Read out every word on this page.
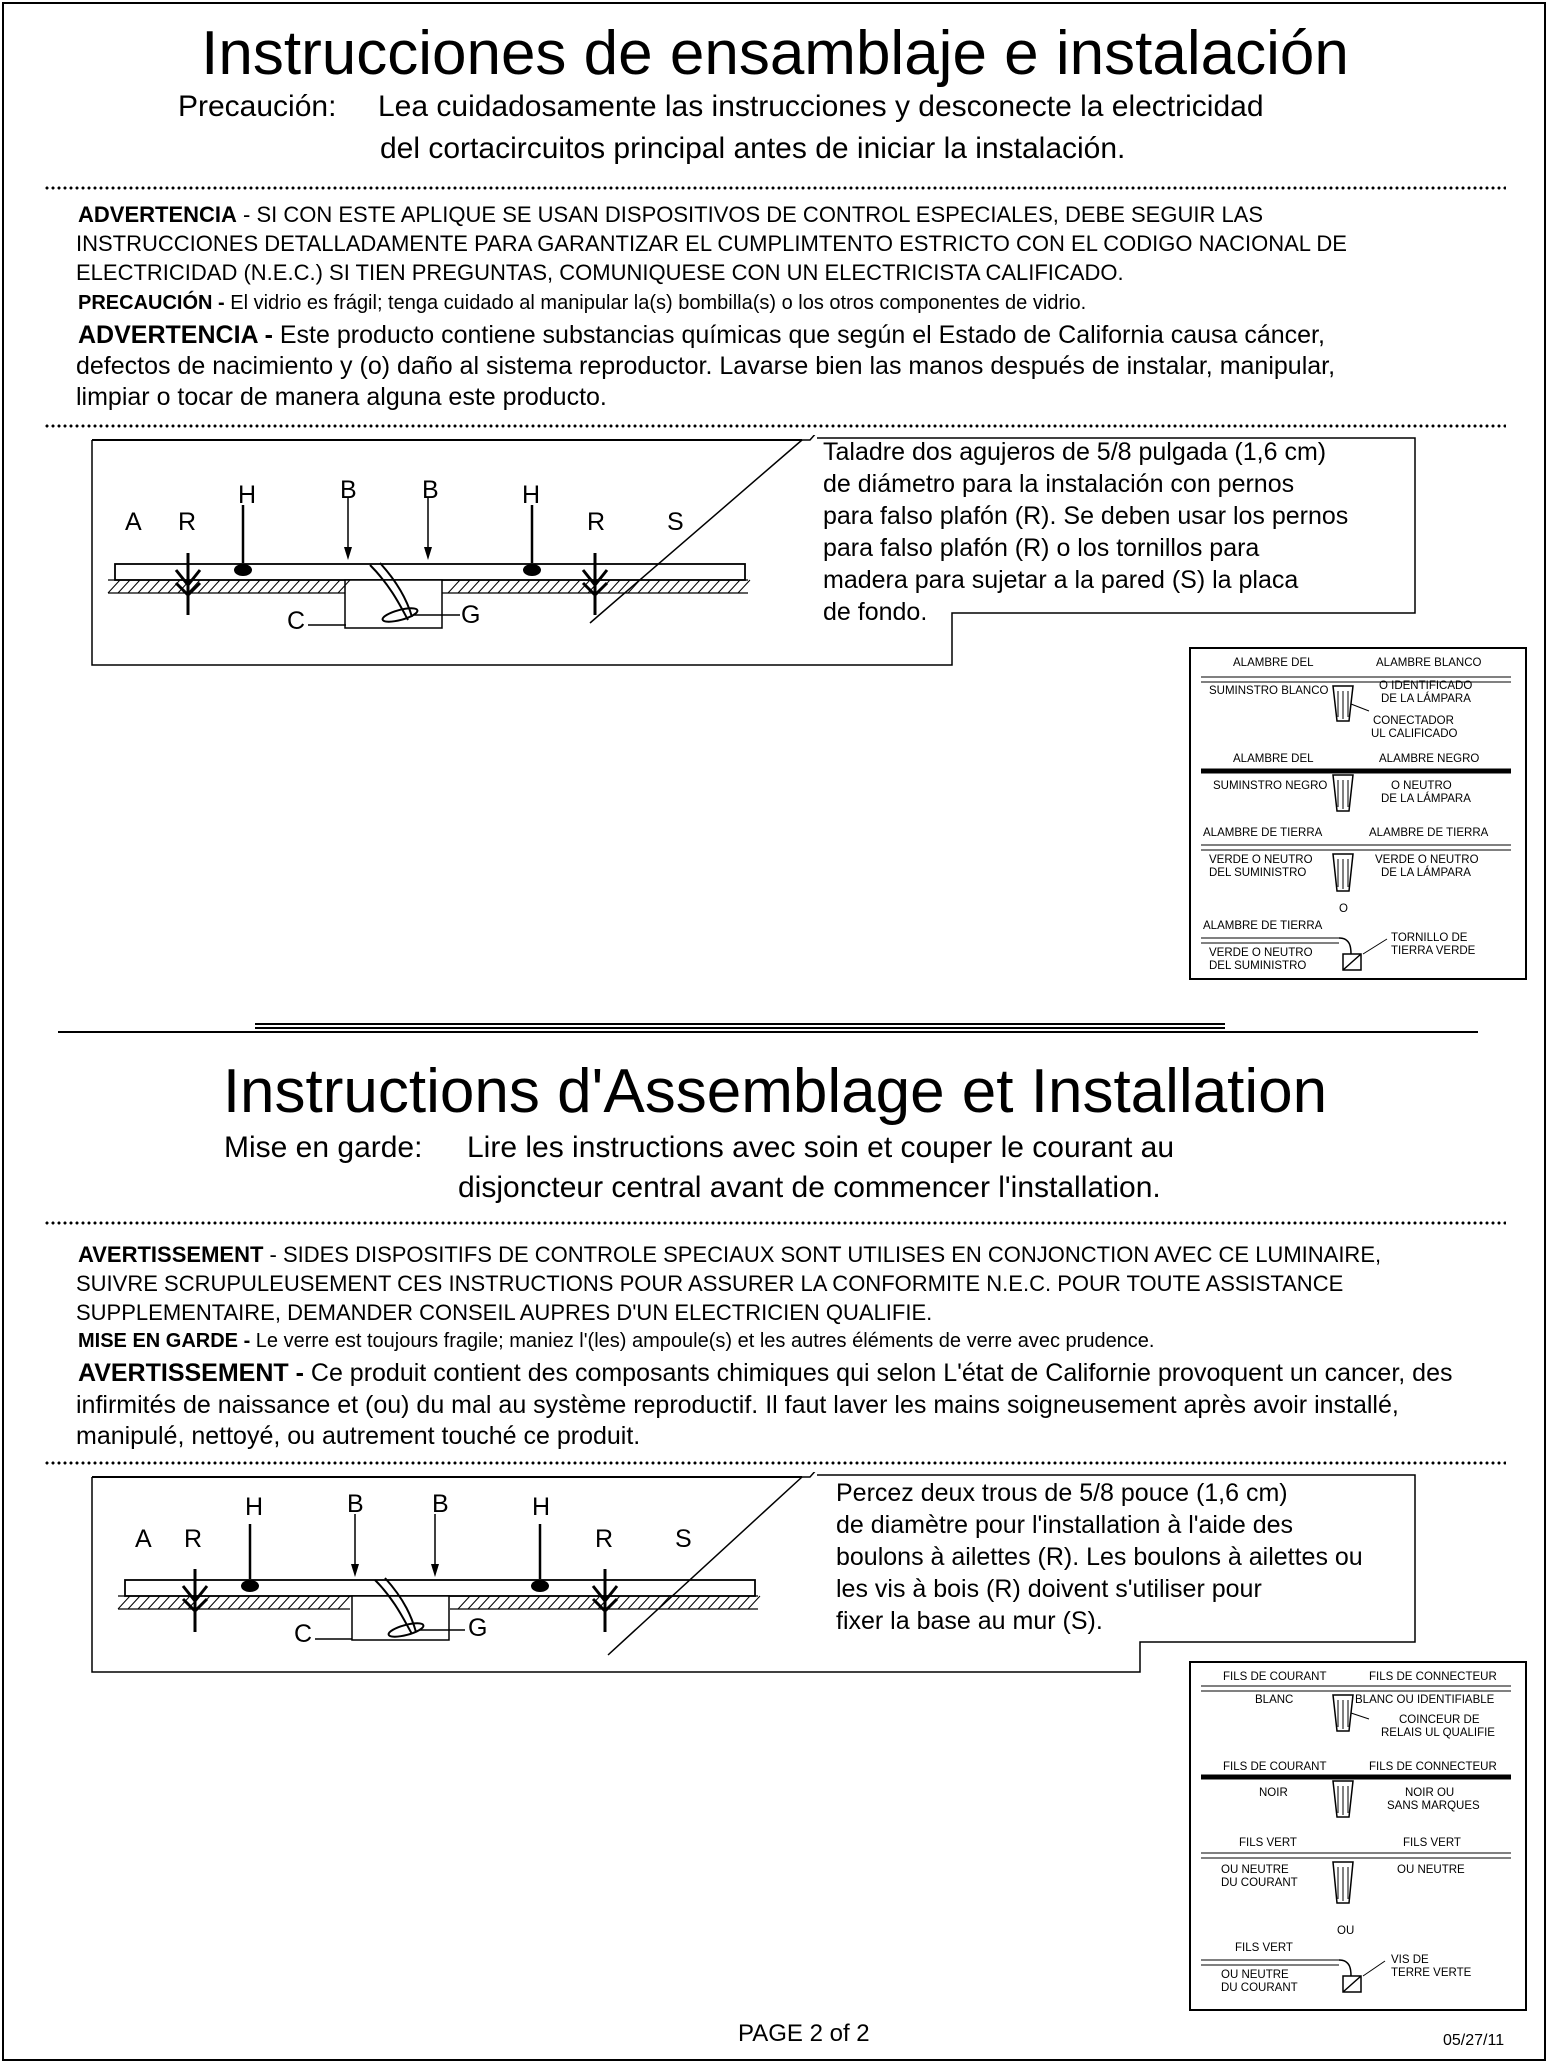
Instrucciones de ensamblaje e instalación
Precaución: Lea cuidadosamente las instrucciones y desconecte la electricidad
del cortacircuitos principal antes de iniciar la instalación.
ADVERTENCIA - SI CON ESTE APLIQUE SE USAN DISPOSITIVOS DE CONTROL ESPECIALES, DEBE SEGUIR LAS
INSTRUCCIONES DETALLADAMENTE PARA GARANTIZAR EL CUMPLIMTENTO ESTRICTO CON EL CODIGO NACIONAL DE
ELECTRICIDAD (N.E.C.) SI TIEN PREGUNTAS, COMUNIQUESE CON UN ELECTRICISTA CALIFICADO.
PRECAUCIÓN - El vidrio es frágil; tenga cuidado al manipular la(s) bombilla(s) o los otros componentes de vidrio.
ADVERTENCIA - Este producto contiene substancias químicas que según el Estado de California causa cáncer,
defectos de nacimiento y (o) daño al sistema reproductor. Lavarse bien las manos después de instalar, manipular,
limpiar o tocar de manera alguna este producto.
A R
H	B	B	H
R S
C	G
Taladre dos agujeros de 5/8 pulgada (1,6 cm)
de diámetro para la instalación con pernos
para falso plafón (R). Se deben usar los pernos
para falso plafón (R) o los tornillos para
madera para sujetar a la pared (S) la placa
de fondo.
ALAMBRE DEL
SUMINSTRO BLANCO
ALAMBRE BLANCO
O IDENTIFICADO
DE LA LÁMPARA
CONECTADOR
UL CALIFICADO
ALAMBRE DEL
SUMINSTRO NEGRO
ALAMBRE NEGRO
O NEUTRO
DE LA LÁMPARA
ALAMBRE DE TIERRA
VERDE O NEUTRO
DEL SUMINISTRO
ALAMBRE DE TIERRA
VERDE O NEUTRO
DE LA LÁMPARA
O
ALAMBRE DE TIERRA
VERDE O NEUTRO
DEL SUMINISTRO
TORNILLO DE
TIERRA VERDE
Instructions d'Assemblage et Installation
Mise en garde: Lire les instructions avec soin et couper le courant au
disjoncteur central avant de commencer l'installation.
AVERTISSEMENT - SIDES DISPOSITIFS DE CONTROLE SPECIAUX SONT UTILISES EN CONJONCTION AVEC CE LUMINAIRE,
SUIVRE SCRUPULEUSEMENT CES INSTRUCTIONS POUR ASSURER LA CONFORMITE N.E.C. POUR TOUTE ASSISTANCE
SUPPLEMENTAIRE, DEMANDER CONSEIL AUPRES D'UN ELECTRICIEN QUALIFIE.
MISE EN GARDE - Le verre est toujours fragile; maniez l'(les) ampoule(s) et les autres éléments de verre avec prudence.
AVERTISSEMENT - Ce produit contient des composants chimiques qui selon L'état de Californie provoquent un cancer, des
infirmités de naissance et (ou) du mal au système reproductif. Il faut laver les mains soigneusement après avoir installé,
manipulé, nettoyé, ou autrement touché ce produit.
A R
H	B	B	H
R S
C	G
Percez deux trous de 5/8 pouce (1,6 cm)
de diamètre pour l'installation à l'aide des
boulons à ailettes (R). Les boulons à ailettes ou
les vis à bois (R) doivent s'utiliser pour
fixer la base au mur (S).
FILS DE COURANT
BLANC
FILS DE CONNECTEUR
BLANC OU IDENTIFIABLE
COINCEUR DE
RELAIS UL QUALIFIE
FILS DE COURANT
NOIR
FILS DE CONNECTEUR
NOIR OU
SANS MARQUES
FILS VERT
OU NEUTRE
DU COURANT
FILS VERT
OU NEUTRE
OU
FILS VERT
OU NEUTRE
DU COURANT
VIS DE
TERRE VERTE
PAGE 2 of 2	05/27/11
